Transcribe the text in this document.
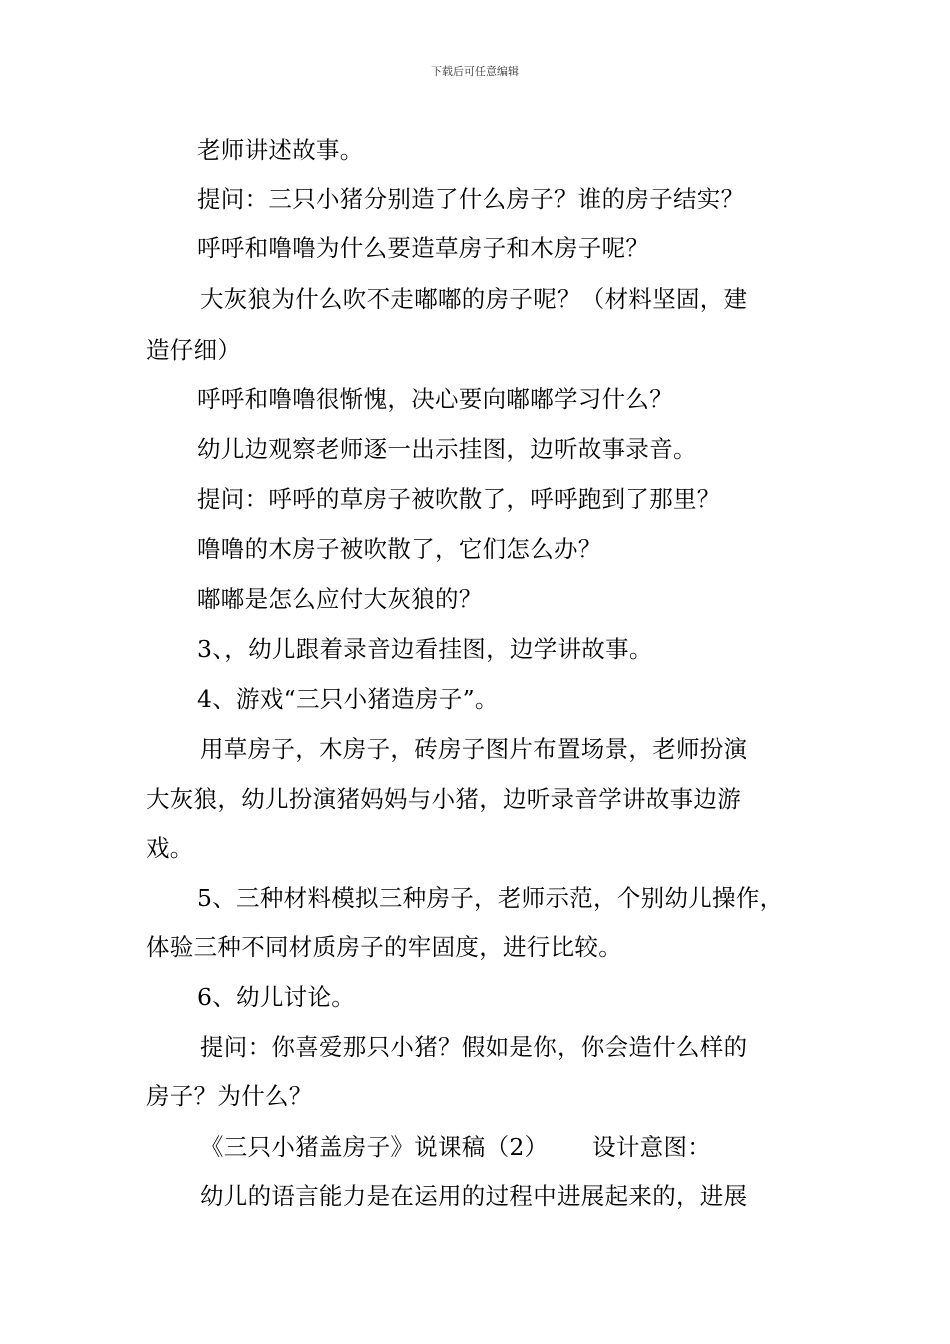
下载后可任意编辑
老师讲述故事。
提问：三只小猪分别造了什么房子？谁的房子结实？
呼呼和噜噜为什么要造草房子和木房子呢？
大灰狼为什么吹不走嘟嘟的房子呢？（材料坚固，建
造仔细）
呼呼和噜噜很惭愧，决心要向嘟嘟学习什么？
幼儿边观察老师逐一出示挂图，边听故事录音。
提问：呼呼的草房子被吹散了，呼呼跑到了那里？
噜噜的木房子被吹散了，它们怎么办？
嘟嘟是怎么应付大灰狼的？
3、，幼儿跟着录音边看挂图，边学讲故事。
4、游戏“三只小猪造房子”。
用草房子，木房子，砖房子图片布置场景，老师扮演
大灰狼，幼儿扮演猪妈妈与小猪，边听录音学讲故事边游
戏。
5、三种材料模拟三种房子，老师示范，个别幼儿操作，
体验三种不同材质房子的牢固度，进行比较。
6、幼儿讨论。
提问：你喜爱那只小猪？假如是你，你会造什么样的
房子？为什么？
《三只小猪盖房子》说课稿（2）　　 设计意图：
幼儿的语言能力是在运用的过程中进展起来的，进展
